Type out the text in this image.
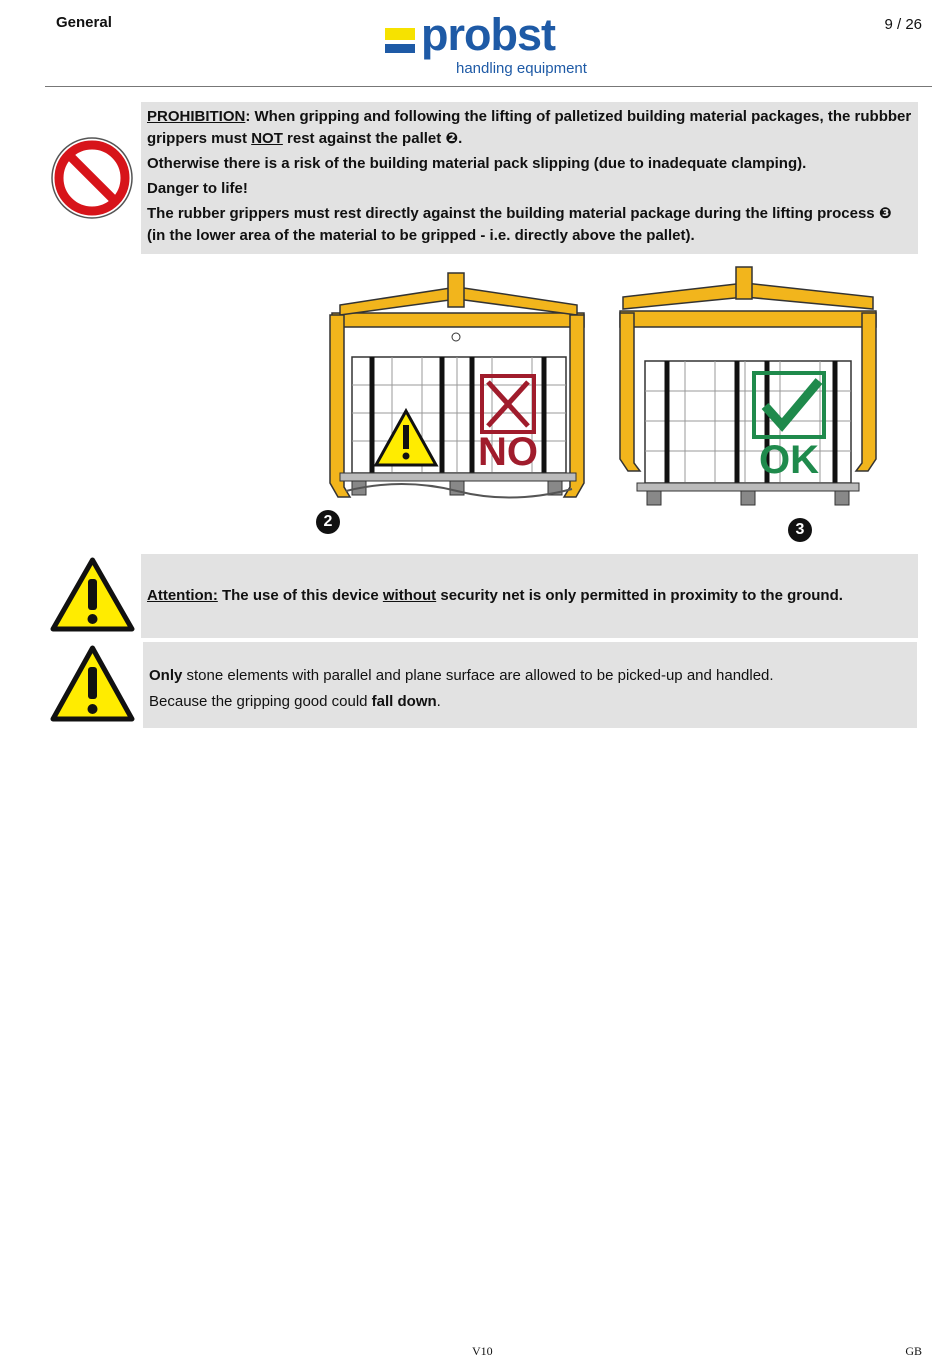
General	probst
handling equipment
9 / 26

PROHIBITION: When gripping and following the lifting of palletized building material packages, the rubbber grippers must NOT rest against the pallet ❷.

Otherwise there is a risk of the building material pack slipping (due to inadequate clamping).

Danger to life!

The rubber grippers must rest directly against the building material package during the lifting process ❸
(in the lower area of the material to be gripped - i.e. directly above the pallet).

NO
2
OK
3
Attention: The use of this device without security net is only permitted in proximity to the ground.

Only stone elements with parallel and plane surface are allowed to be picked-up and handled.

Because the gripping good could fall down.

V10	GB
